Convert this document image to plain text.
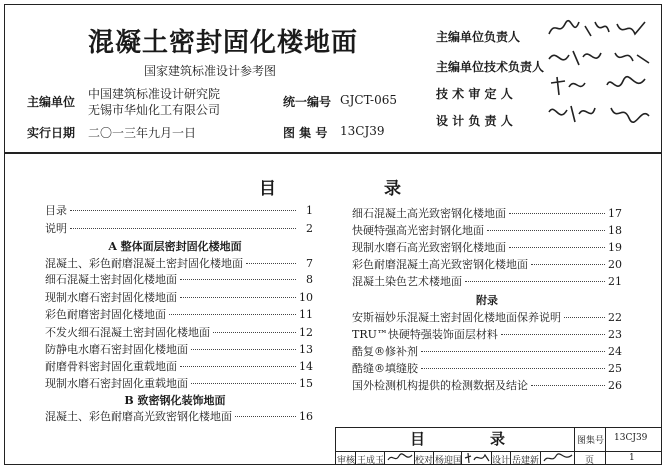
混凝土密封固化楼地面
国家建筑标准设计参考图
主编单位
中国建筑标准设计研究院
无锡市华灿化工有限公司
实行日期 二〇一三年九月一日
统一编号 GJCT-065
图 集 号 13CJ39
主编单位负责人
主编单位技术负责人
技 术 审 定 人
设 计 负 责 人
目	录
目录	1
说明	2
A 整体面层密封固化楼地面
混凝土、彩色耐磨混凝土密封固化楼地面	7
细石混凝土密封固化楼地面	8
现制水磨石密封固化楼地面	10
彩色耐磨密封固化楼地面	11
不发火细石混凝土密封固化楼地面	12
防静电水磨石密封固化楼地面	13
耐磨骨料密封固化重载地面	14
现制水磨石密封固化重载地面	15
B 致密钢化装饰地面
混凝土、彩色耐磨高光致密钢化楼地面	16
细石混凝土高光致密钢化楼地面	17
快硬特强高光密封钢化地面	18
现制水磨石高光致密钢化楼地面	19
彩色耐磨混凝土高光致密钢化楼地面	20
混凝土染色艺术楼地面	21
附录
安斯福妙乐混凝土密封固化楼地面保养说明	22
TRU™快硬特强装饰面层材料	23
酷复®修补剂	24
酷缝®填缝胶	25
国外检测机构提供的检测数据及结论	26
目	录	图集号 13CJ39
审核 王成玉	校对 杨迎国	设计 岳建新	页	1
